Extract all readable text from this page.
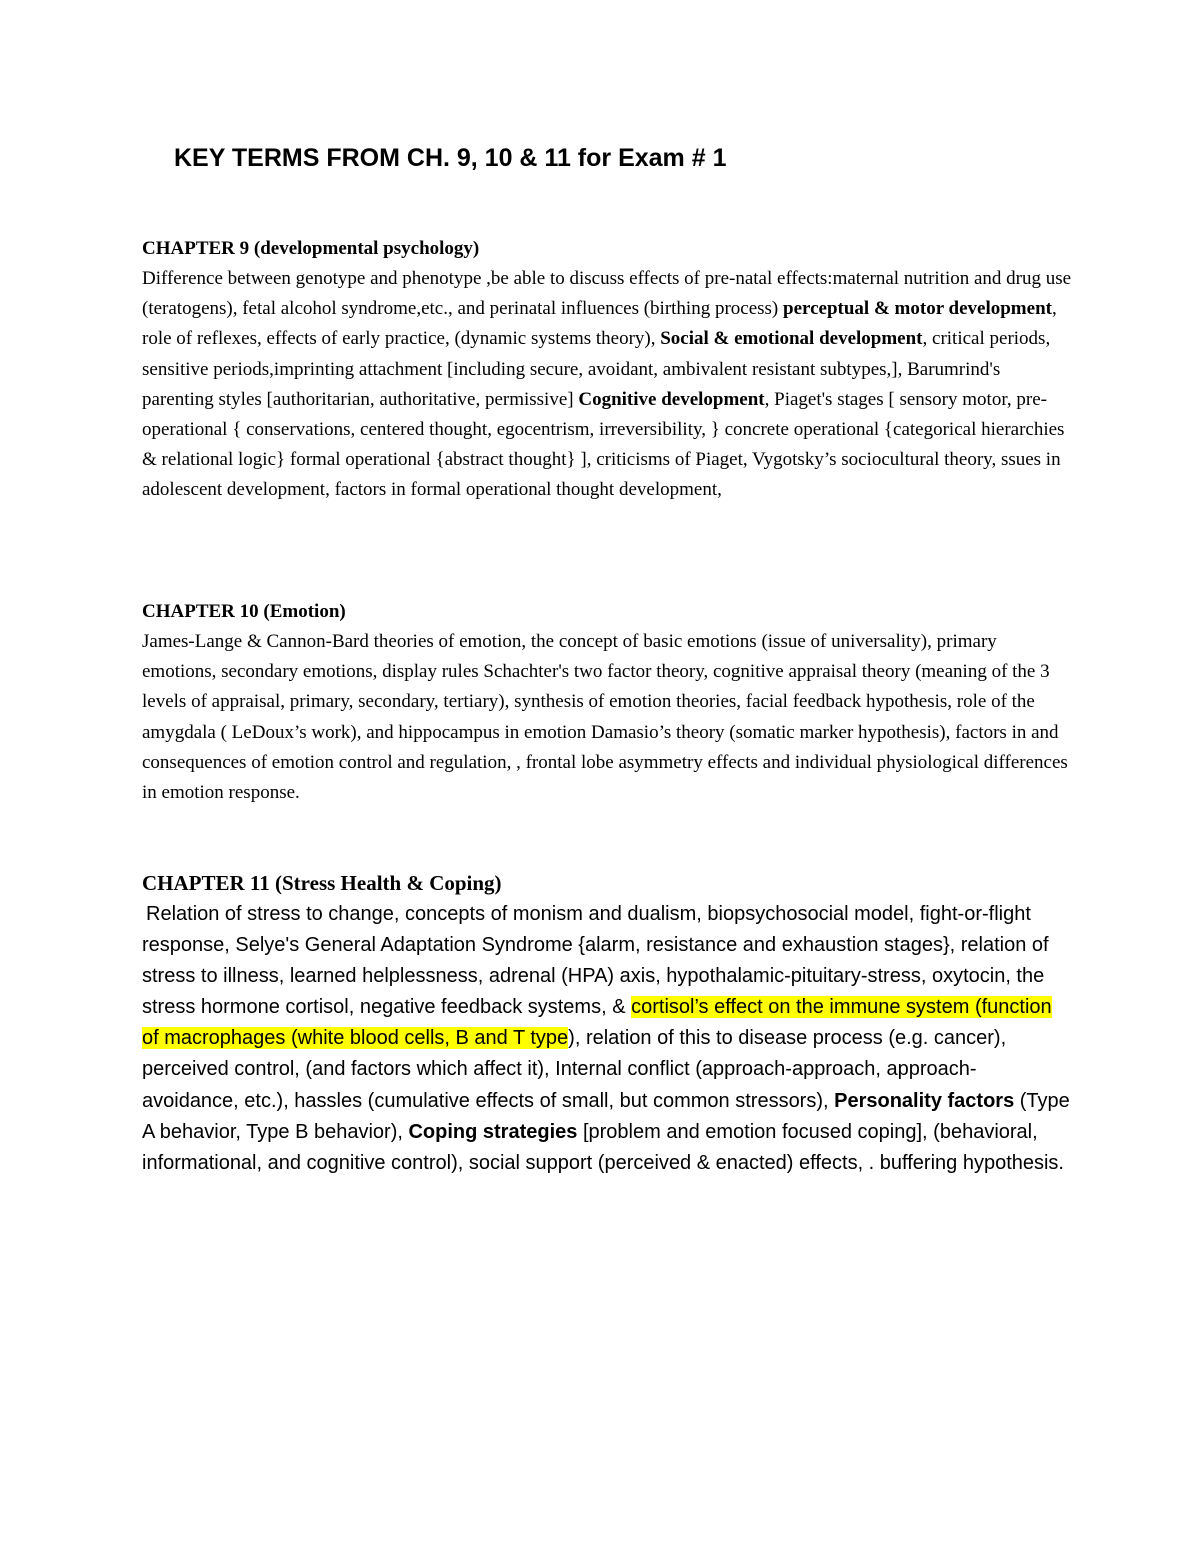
KEY TERMS FROM CH. 9, 10 & 11 for Exam # 1
CHAPTER 9 (developmental psychology)
Difference between genotype and phenotype ,be able to discuss effects of pre-natal effects:maternal nutrition and drug use (teratogens), fetal alcohol syndrome,etc., and perinatal influences (birthing process) perceptual & motor development, role of reflexes, effects of early practice, (dynamic systems theory), Social & emotional development, critical periods, sensitive periods,imprinting attachment [including secure, avoidant, ambivalent resistant subtypes,], Barumrind's parenting styles [authoritarian, authoritative, permissive] Cognitive development, Piaget's stages [ sensory motor, pre-operational { conservations, centered thought, egocentrism, irreversibility, } concrete operational {categorical hierarchies & relational logic} formal operational {abstract thought} ], criticisms of Piaget, Vygotsky’s sociocultural theory, ssues in adolescent development, factors in formal operational thought development,
CHAPTER 10 (Emotion)
James-Lange & Cannon-Bard theories of emotion, the concept of basic emotions (issue of universality), primary emotions, secondary emotions, display rules Schachter's two factor theory, cognitive appraisal theory (meaning of the 3 levels of appraisal, primary, secondary, tertiary), synthesis of emotion theories, facial feedback hypothesis, role of the amygdala ( LeDoux’s work), and hippocampus in emotion Damasio’s theory (somatic marker hypothesis), factors in and consequences of emotion control and regulation, , frontal lobe asymmetry effects and individual physiological differences in emotion response.
CHAPTER 11 (Stress Health & Coping)
Relation of stress to change, concepts of monism and dualism, biopsychosocial model, fight-or-flight response, Selye's General Adaptation Syndrome {alarm, resistance and exhaustion stages}, relation of stress to illness, learned helplessness, adrenal (HPA) axis, hypothalamic-pituitary-stress, oxytocin, the stress hormone cortisol, negative feedback systems, & cortisol’s effect on the immune system (function of macrophages (white blood cells, B and T type), relation of this to disease process (e.g. cancer), perceived control, (and factors which affect it), Internal conflict (approach-approach, approach-avoidance, etc.), hassles (cumulative effects of small, but common stressors), Personality factors (Type A behavior, Type B behavior), Coping strategies [problem and emotion focused coping], (behavioral, informational, and cognitive control), social support (perceived & enacted) effects, . buffering hypothesis.
